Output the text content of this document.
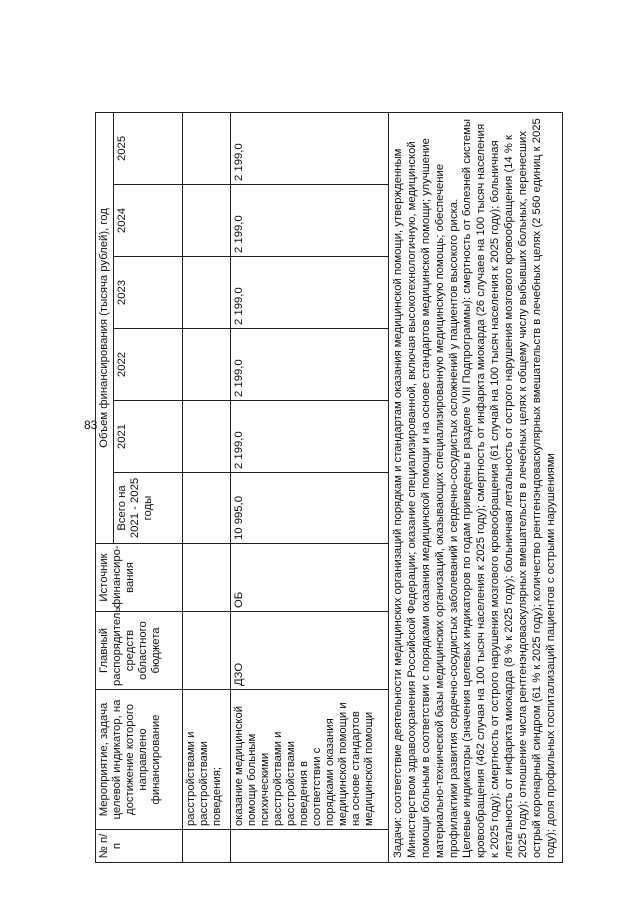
83
№ п/п	Мероприятие, задача целевой индикатор, на достижение которого направлено финансирование	Главный распорядитель средств областного бюджета	Источник финансиро-вания	Объем финансирования (тысяча рублей), год					
				Всего на 2021 - 2025 годы	2021	2022	2023	2024	2025
	расстройствами и расстройствами поведения;								
	оказание медицинской помощи больным психическими расстройствами и расстройствами поведения в соответствии с порядками оказания медицинской помощи и на основе стандартов медицинской помощи	ДЗО	ОБ	10 995,0	2 199,0	2 199,0	2 199,0	2 199,0	2 199,0

Задачи: соответствие деятельности медицинских организаций порядкам и стандартам оказания медицинской помощи, утвержденным Министерством здравоохранения Российской Федерации; оказание специализированной, включая высокотехнологичную, медицинской помощи больным в соответствии с порядками оказания медицинской помощи и на основе стандартов медицинской помощи; улучшение материально-технической базы медицинских организаций, оказывающих специализированную медицинскую помощь; обеспечение профилактики развития сердечно-сосудистых заболеваний и сердечно-сосудистых осложнений у пациентов высокого риска. Целевые индикаторы (значения целевых индикаторов по годам приведены в разделе VIII Подпрограммы): смертность от болезней системы кровообращения (462 случая на 100 тысяч населения к 2025 году); смертность от инфаркта миокарда (26 случаев на 100 тысяч населения к 2025 году); смертность от острого нарушения мозгового кровообращения (61 случай на 100 тысяч населения к 2025 году); больничная летальность от инфаркта миокарда (8 % к 2025 году); больничная летальность от острого нарушения мозгового кровообращения (14 % к 2025 году); отношение числа рентгенэндоваскулярных вмешательств в лечебных целях к общему числу выбывших больных, перенесших острый коронарный синдром (61 % к 2025 году); количество рентгенэндоваскулярных вмешательств в лечебных целях (2 560 единиц к 2025 году); доля профильных госпитализаций пациентов с острыми нарушениями									
